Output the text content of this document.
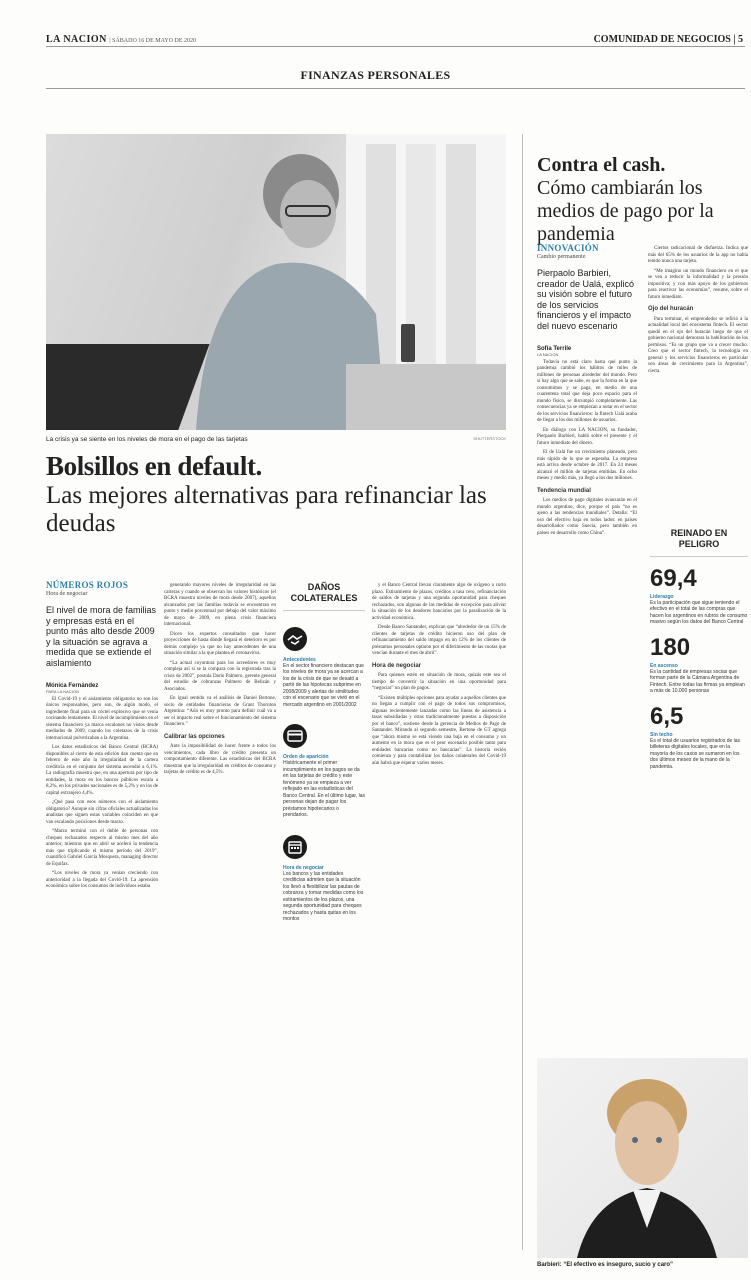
LA NACION | SÁBADO 16 DE MAYO DE 2020	COMUNIDAD DE NEGOCIOS | 5
FINANZAS PERSONALES
La crisis ya se siente en los niveles de mora en el pago de las tarjetas	SHUTTERSTOCK
Bolsillos en default.
Las mejores alternativas para refinanciar las deudas
NÚMEROS ROJOS
Hora de negociar
El nivel de mora de familias y empresas está en el punto más alto desde 2009 y la situación se agrava a medida que se extiende el aislamiento
Mónica Fernández
PARA LA NACION

El Covid-19 y el aislamiento obligatorio no son los únicos responsables, pero son, de algún modo, el ingrediente final para un cóctel explosivo que se venía cocinando lentamente. El nivel de incumplimiento en el sistema financiero ya marca escalones no vistos desde mediados de 2009, cuando los coletazos de la crisis internacional pulverizaban a la Argentina.

Los datos estadísticos del Banco Central (BCRA) disponibles al cierre de esta edición dan cuenta que en febrero de este año la irregularidad de la cartera crediticia en el conjunto del sistema ascendió a 6,1%. La radiografía muestra que, en una apertura por tipo de entidades, la mora en los bancos públicos escala a 8,2%, en los privados nacionales es de 5,2% y en los de capital extranjero 4,4%.

¿Qué pasa con esos números con el aislamiento obligatorio? Aunque sin cifras oficiales actualizadas los analistas que siguen estas variables coinciden en que van escalando posiciones desde marzo.

“Marzo terminó con el doble de personas con cheques rechazados respecto al mismo mes del año anterior, mientras que en abril se aceleró la tendencia más que triplicando el mismo período del 2019”, cuantificó Gabriel García Mosquera, managing director de Equifax.

“Los niveles de mora ya venían creciendo con anterioridad a la llegada del Covid-19. La aprensión económica sobre los consumos de individuos estaba

generando mayores niveles de irregularidad en las carteras y cuando se observan los valores históricos (el BCRA muestra niveles de mora desde 2007), aquellos alcanzados por las familias todavía se encuentran en punto y medio porcentual por debajo del valor máximo de mayo de 2009, en plena crisis financiera internacional.

Dicen los expertos consultados que hacer proyecciones de hasta dónde llegará el deterioro es por demás complejo ya que no hay antecedentes de una situación similar a la que plantea el coronavirus.

“La actual coyuntura para los acreedores es muy compleja así si se la compara con la registrada tras la crisis de 2002”, postula Darío Palmero, gerente general del estudio de cobranzas Palmero de Belizán y Asociados.

En igual sentido va el análisis de Daniel Bertone, socio de entidades financieras de Grant Thornton Argentina: “Aún es muy pronto para definir cuál va a ser el impacto real sobre el funcionamiento del sistema financiero.”

Calibrar las opciones

Ante la imposibilidad de hacer frente a todos los vencimientos, cada libro de crédito presenta un comportamiento diferente. Las estadísticas del BCRA muestran que la irregularidad en créditos de consumo y tarjetas de crédito es de 4,5%.

DAÑOS COLATERALES
Antecedentes
En el sector financiero destacan que los niveles de mora ya se acercan a los de la crisis de que se desató a partir de las hipotecas subprime en 2008/2009 y alertas de similitudes con el escenario que se vivió en el mercado argentino en 2001/2002
Orden de aparición
Históricamente el primer incumplimiento en los pagos se da en las tarjetas de crédito y este fenómeno ya se empieza a ver reflejado en las estadísticas del Banco Central. En el último lugar, las personas dejan de pagar los préstamos hipotecarios o prendarios.
Hora de negociar
Los bancos y las entidades crediticias admiten que la situación los llevó a flexibilizar las pautas de cobranza y tomar medidas como los estiramientos de los plazos, una segunda oportunidad para cheques rechazados y hasta quitas en los montos

y el Banco Central llevan claramente algo de oxígeno a corto plazo. Estiramiento de plazos, créditos a tasa cero, refinanciación de saldos de tarjetas y una segunda oportunidad para cheques rechazados, son algunas de las medidas de excepción para aliviar la situación de los deudores bancarios por la paralización de la actividad económica.

Desde Banco Santander, explican que “alrededor de un 15% de clientes de tarjetas de crédito hicieron uso del plan de refinanciamiento del saldo impago en un 12% de los clientes de préstamos personales optaron por el diferimiento de las cuotas que vencían durante el mes de abril”.

Hora de negociar

Para quienes estén en situación de mora, quizás este sea el tiempo de convertir la situación en una oportunidad para “negociar” un plan de pagos.

“Existen múltiples opciones para ayudar a aquellos clientes que no llegan a cumplir con el pago de todos sus compromisos, algunas recientemente lanzadas como las líneas de asistencia a tasas subsidiadas y otras tradicionalmente puestas a disposición por el banco”, sostiene desde la gerencia de Medios de Pago de Santander. Mirando al segundo semestre, Bertone de GT agrega que “ahora mismo se está viendo una baja en el consumo y un aumento en la mora que es el peor escenario posible tanto para entidades bancarias como no bancarias”. La historia recién comienza y para contabilizar los daños colaterales del Covid-19 aún habrá que esperar varios meses.

Contra el cash.
Cómo cambiarán los medios de pago por la pandemia
INNOVACIÓN
Cambio permanente
Pierpaolo Barbieri, creador de Ualá, explicó su visión sobre el futuro de los servicios financieros y el impacto del nuevo escenario
Sofía Terrile
LA NACION

Todavía no está claro hasta qué punto la pandemia cambió los hábitos de miles de millones de personas alrededor del mundo. Pero sí hay algo que se sabe, es que la forma en la que consumimos y se paga, en medio de una cuarentena total que deja poco espacio para el mundo físico, se disrumpió completamente. Las consecuencias ya se empiezan a notar en el sector de los servicios financieros: la fintech Ualá acaba de llegar a los dos millones de usuarios.

En diálogo con LA NACION, su fundador, Pierpaolo Barbieri, habló sobre el presente y el futuro inmediato del dinero.

El de Ualá fue un crecimiento planeado, pero más rápido de lo que se esperaba. La empresa está activa desde octubre de 2017. En 24 meses alcanzó el millón de tarjetas emitidas. En ocho meses y medio más, ya llegó a los dos millones.

Tendencia mundial

Los medios de pago digitales avanzarán en el mundo argentino, dice, porque el país “no es ajeno a las tendencias mundiales”. Detalla: “El uso del efectivo baja en todos lados: en países desarrollados como Suecia, pero también en países en desarrollo como China”.

Ciertos radicacional de disfuerza. Indica que más del 65% de los usuarios de la app no había tenido nunca una tarjeta.

“Me imagino un mundo financiero en el que se vea a reducir la informalidad y la presión impositiva; y con más apoyo de los gobiernos para reactivar las economías”, resume, sobre el futuro inmediato.

Ojo del huracán

Para terminar, el emprendedor se refirió a la actualidad local del ecosistema fintech. El sector quedó en el ojo del huracán luego de que el gobierno nacional demorara la habilitación de los permisos. “Es un grupo que va a crecer mucho. Creo que el sector fintech, la tecnología en general y los servicios financieros en particular son áreas de crecimiento para la Argentina”, cierra.

REINADO EN PELIGRO
69,4
Liderazgo
Es la participación que sigue teniendo el efectivo en el total de las compras que hacen los argentinos en rubros de consumo masivo según los datos del Banco Central
180
En ascenso
Es la cantidad de empresas socias que forman parte de la Cámara Argentina de Fintech. Entre todas las firmas ya emplean a más de 10.000 personas
6,5
Sin techo
Es el total de usuarios registrados de las billeteras digitales locales, que en la mayoría de los casos se sumaron en los dos últimos meses de la mano de la pandemia.
Barbieri: “El efectivo es inseguro, sucio y caro”
